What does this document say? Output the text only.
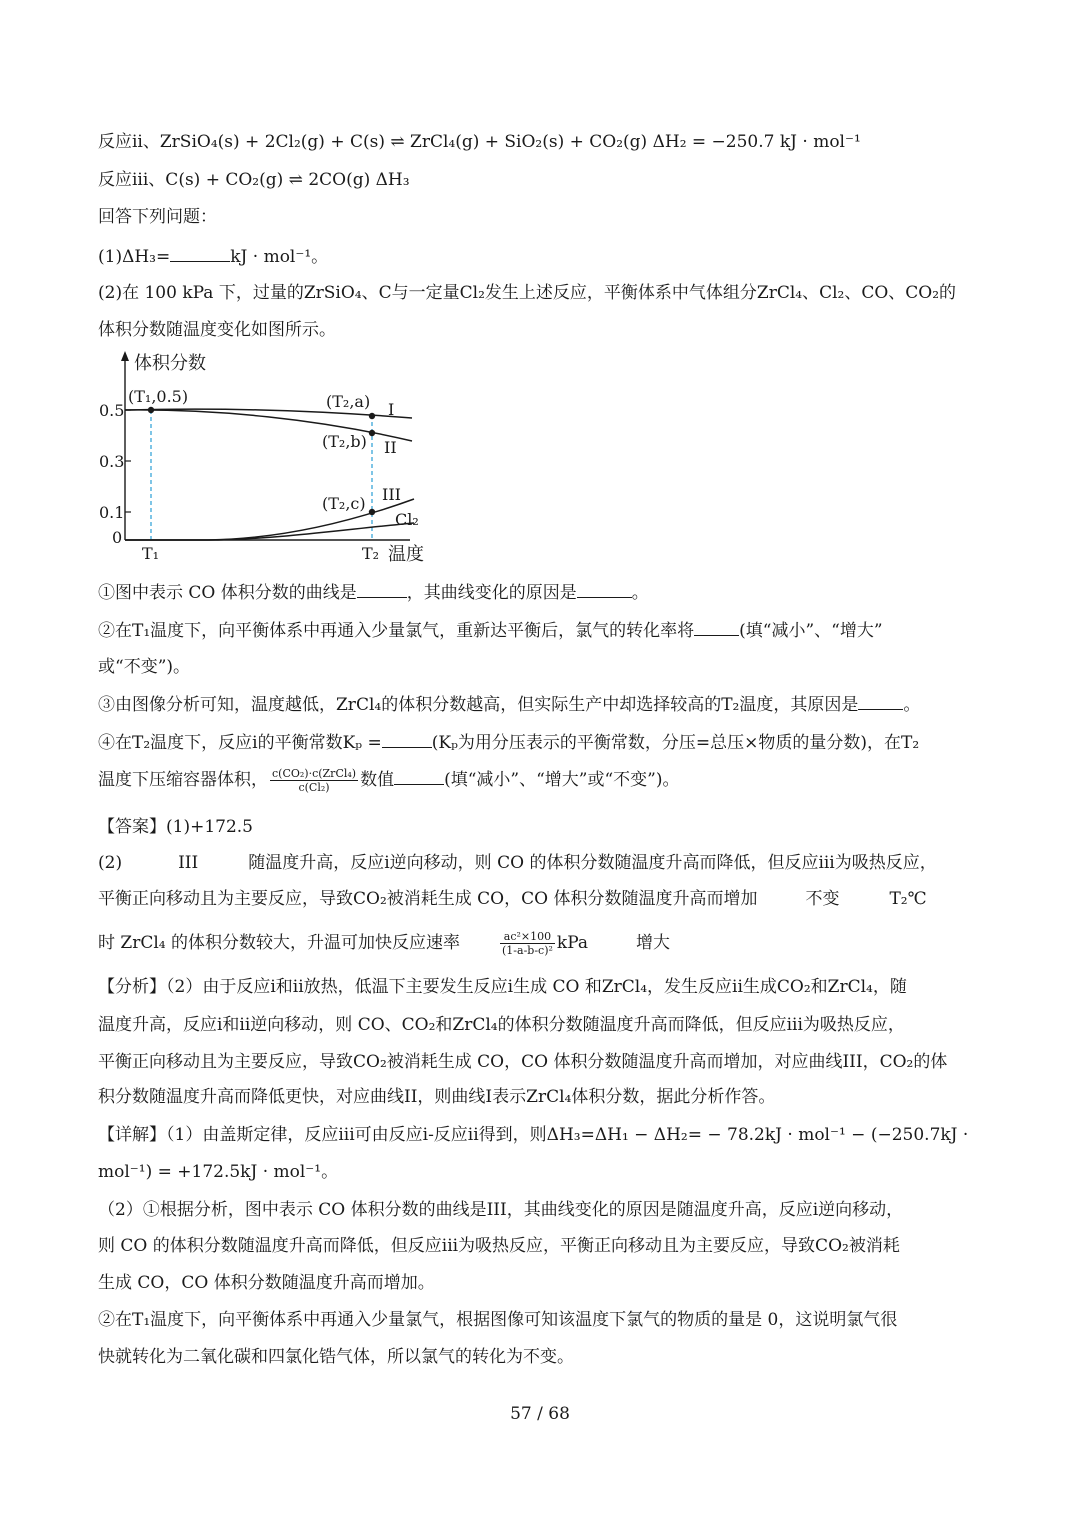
反应ii、ZrSiO₄(s) + 2Cl₂(g) + C(s) ⇌ ZrCl₄(g) + SiO₂(s) + CO₂(g) ΔH₂ = −250.7 kJ · mol⁻¹
反应iii、C(s) + CO₂(g) ⇌ 2CO(g) ΔH₃
回答下列问题：
(1)ΔH₃=	kJ · mol⁻¹。
(2)在 100 kPa 下，过量的ZrSiO₄、C与一定量Cl₂发生上述反应，平衡体系中气体组分ZrCl₄、Cl₂、CO、CO₂的
体积分数随温度变化如图所示。
体积分数
0.5
0.3
0.1
0
(T₁,0.5)	(T₂,a)
(T₂,b)
(T₂,c)
I
II
III
Cl₂
T₁	T₂ 温度
①图中表示 CO 体积分数的曲线是	，其曲线变化的原因是	。
②在T₁温度下，向平衡体系中再通入少量氯气，重新达平衡后，氯气的转化率将	(填“减小”、“增大”
或“不变”)。
③由图像分析可知，温度越低，ZrCl₄的体积分数越高，但实际生产中却选择较高的T₂温度，其原因是	。
④在T₂温度下，反应i的平衡常数Kₚ =	(Kₚ为用分压表示的平衡常数，分压=总压×物质的量分数)，在T₂
温度下压缩容器体积， $\frac{\text{c(CO₂)·c(ZrCl₄)}}{\text{c(Cl₂)}}$ 数值	(填“减小”、“增大”或“不变”)。
【答案】(1)+172.5
(2)	III	随温度升高，反应i逆向移动，则 CO 的体积分数随温度升高而降低，但反应iii为吸热反应，
平衡正向移动且为主要反应，导致CO₂被消耗生成 CO，CO 体积分数随温度升高而增加	不变	T₂℃
时 ZrCl₄ 的体积分数较大，升温可加快反应速率	$\frac{\text{ac²×100}}{\text{(1-a-b-c)²}}$ kPa	增大
【分析】（2）由于反应i和ii放热，低温下主要发生反应i生成 CO 和ZrCl₄，发生反应ii生成CO₂和ZrCl₄，随
温度升高，反应i和ii逆向移动，则 CO、CO₂和ZrCl₄的体积分数随温度升高而降低，但反应iii为吸热反应，
平衡正向移动且为主要反应，导致CO₂被消耗生成 CO，CO 体积分数随温度升高而增加，对应曲线III，CO₂的体
积分数随温度升高而降低更快，对应曲线II，则曲线I表示ZrCl₄体积分数，据此分析作答。
【详解】（1）由盖斯定律，反应iii可由反应i-反应ii得到，则ΔH₃=ΔH₁ − ΔH₂= − 78.2kJ · mol⁻¹ − (−250.7kJ ·
mol⁻¹) = +172.5kJ · mol⁻¹。
（2）①根据分析，图中表示 CO 体积分数的曲线是III，其曲线变化的原因是随温度升高，反应i逆向移动，
则 CO 的体积分数随温度升高而降低，但反应iii为吸热反应，平衡正向移动且为主要反应，导致CO₂被消耗
生成 CO，CO 体积分数随温度升高而增加。
②在T₁温度下，向平衡体系中再通入少量氯气，根据图像可知该温度下氯气的物质的量是 0，这说明氯气很
快就转化为二氧化碳和四氯化锆气体，所以氯气的转化为不变。
57 / 68
